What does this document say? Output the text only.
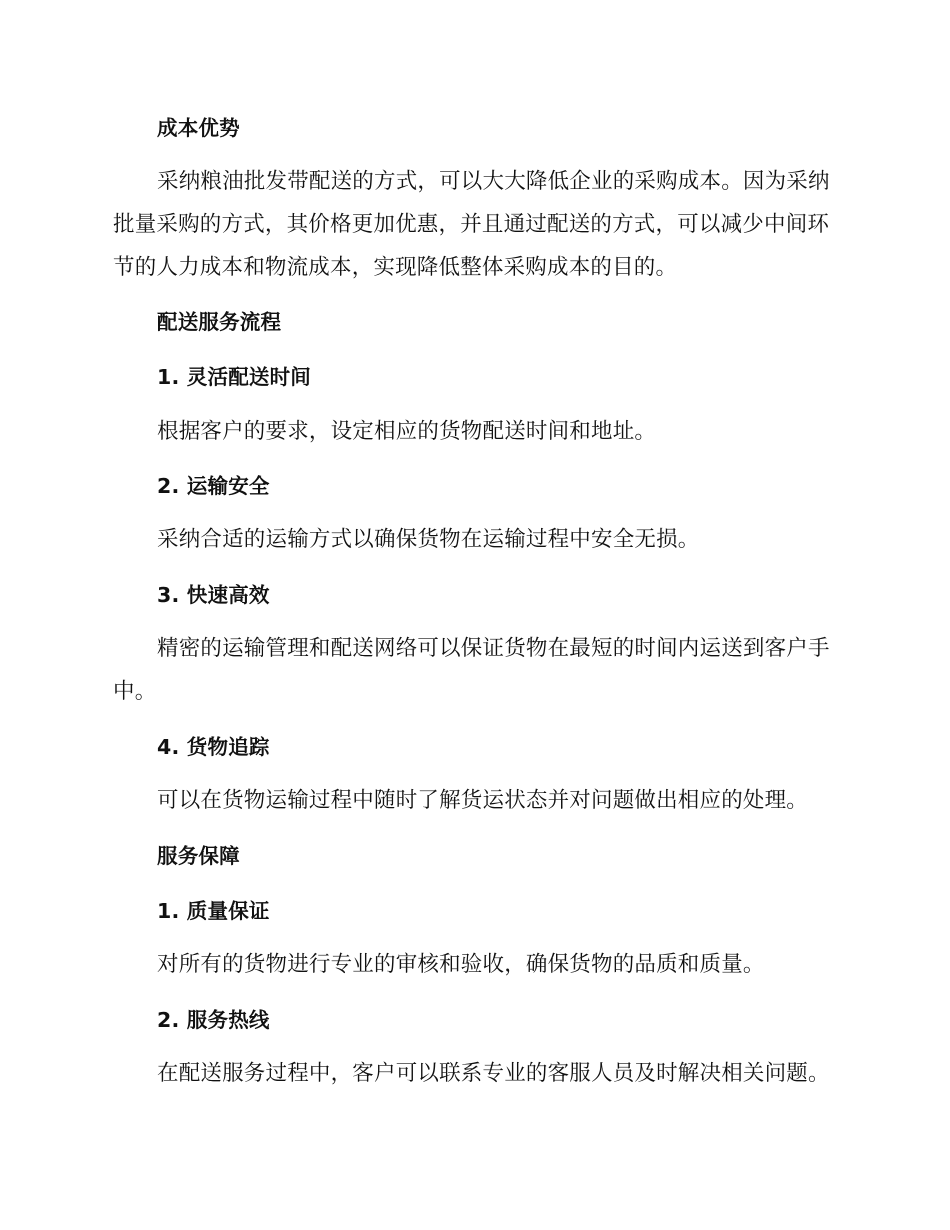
成本优势
采纳粮油批发带配送的方式，可以大大降低企业的采购成本。因为采纳
批量采购的方式，其价格更加优惠，并且通过配送的方式，可以减少中间环
节的人力成本和物流成本，实现降低整体采购成本的目的。
配送服务流程
1. 灵活配送时间
根据客户的要求，设定相应的货物配送时间和地址。
2. 运输安全
采纳合适的运输方式以确保货物在运输过程中安全无损。
3. 快速高效
精密的运输管理和配送网络可以保证货物在最短的时间内运送到客户手
中。
4. 货物追踪
可以在货物运输过程中随时了解货运状态并对问题做出相应的处理。
服务保障
1. 质量保证
对所有的货物进行专业的审核和验收，确保货物的品质和质量。
2. 服务热线
在配送服务过程中，客户可以联系专业的客服人员及时解决相关问题。
